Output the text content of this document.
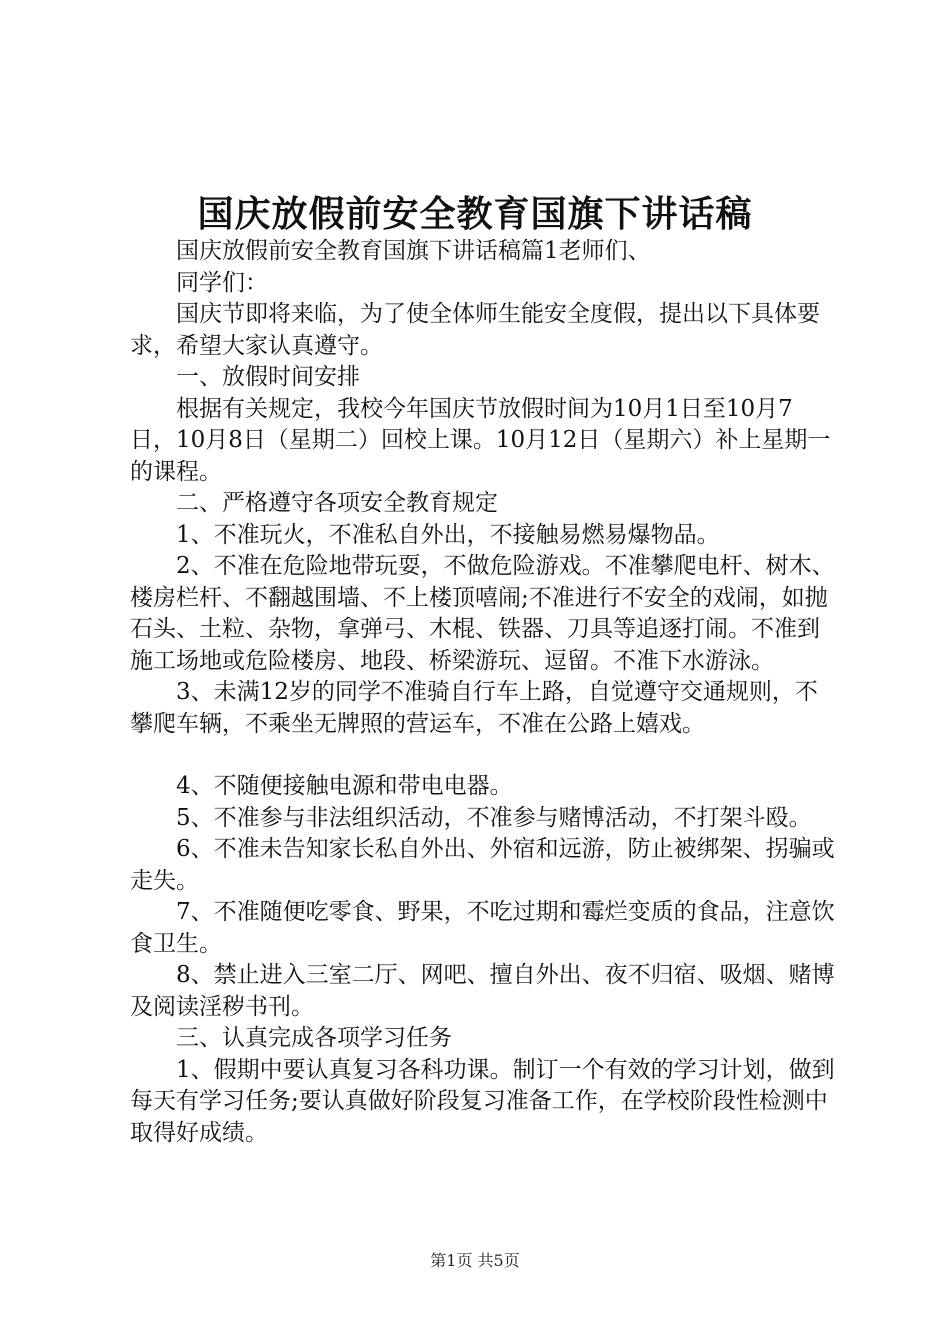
国庆放假前安全教育国旗下讲话稿

国庆放假前安全教育国旗下讲话稿篇1老师们、

同学们：

国庆节即将来临，为了使全体师生能安全度假，提出以下具体要求，希望大家认真遵守。

一、放假时间安排

根据有关规定，我校今年国庆节放假时间为10月1日至10月7日，10月8日（星期二）回校上课。10月12日（星期六）补上星期一的课程。

二、严格遵守各项安全教育规定

1、不准玩火，不准私自外出，不接触易燃易爆物品。

2、不准在危险地带玩耍，不做危险游戏。不准攀爬电杆、树木、楼房栏杆、不翻越围墙、不上楼顶嘻闹;不准进行不安全的戏闹，如抛石头、土粒、杂物，拿弹弓、木棍、铁器、刀具等追逐打闹。不准到施工场地或危险楼房、地段、桥梁游玩、逗留。不准下水游泳。

3、未满12岁的同学不准骑自行车上路，自觉遵守交通规则，不攀爬车辆，不乘坐无牌照的营运车，不准在公路上嬉戏。

4、不随便接触电源和带电电器。

5、不准参与非法组织活动，不准参与赌博活动，不打架斗殴。

6、不准未告知家长私自外出、外宿和远游，防止被绑架、拐骗或走失。

7、不准随便吃零食、野果，不吃过期和霉烂变质的食品，注意饮食卫生。

8、禁止进入三室二厅、网吧、擅自外出、夜不归宿、吸烟、赌博及阅读淫秽书刊。

三、认真完成各项学习任务

1、假期中要认真复习各科功课。制订一个有效的学习计划，做到每天有学习任务;要认真做好阶段复习准备工作，在学校阶段性检测中取得好成绩。

第1页 共5页
